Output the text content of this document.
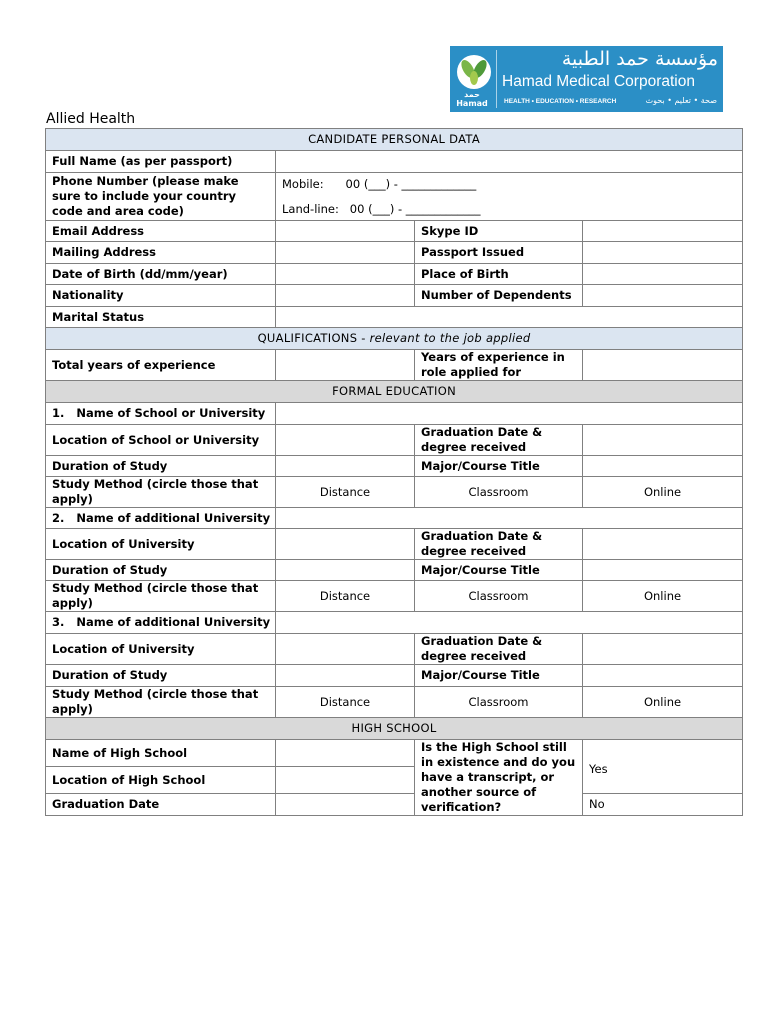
حمد
Hamad
مؤسسة حمد الطبية
Hamad Medical Corporation
HEALTH • EDUCATION • RESEARCH	صحة • تعليم • بحوث
Allied Health
CANDIDATE PERSONAL DATA			
Full Name (as per passport)			
Phone Number (please make sure to include your country code and area code)	Mobile: 00 (___) - _____________
Land-line: 00 (___) - _____________		

Email Address		Skype ID	
Mailing Address		Passport Issued	
Date of Birth (dd/mm/year)		Place of Birth	
Nationality		Number of Dependents	
Marital Status			
QUALIFICATIONS - relevant to the job applied			
Total years of experience		Years of experience in role applied for	
FORMAL EDUCATION			
1.   Name of School or University			
Location of School or University		Graduation Date & degree received	
Duration of Study		Major/Course Title	
Study Method (circle those that apply)	Distance	Classroom	Online
2.   Name of additional University			
Location of University		Graduation Date & degree received	
Duration of Study		Major/Course Title	
Study Method (circle those that apply)	Distance	Classroom	Online
3.   Name of additional University			
Location of University		Graduation Date & degree received	
Duration of Study		Major/Course Title	
Study Method (circle those that apply)	Distance	Classroom	Online
HIGH SCHOOL			
Name of High School		Is the High School still in existence and do you have a transcript, or another source of verification?	Yes
Location of High School			
Graduation Date			No
